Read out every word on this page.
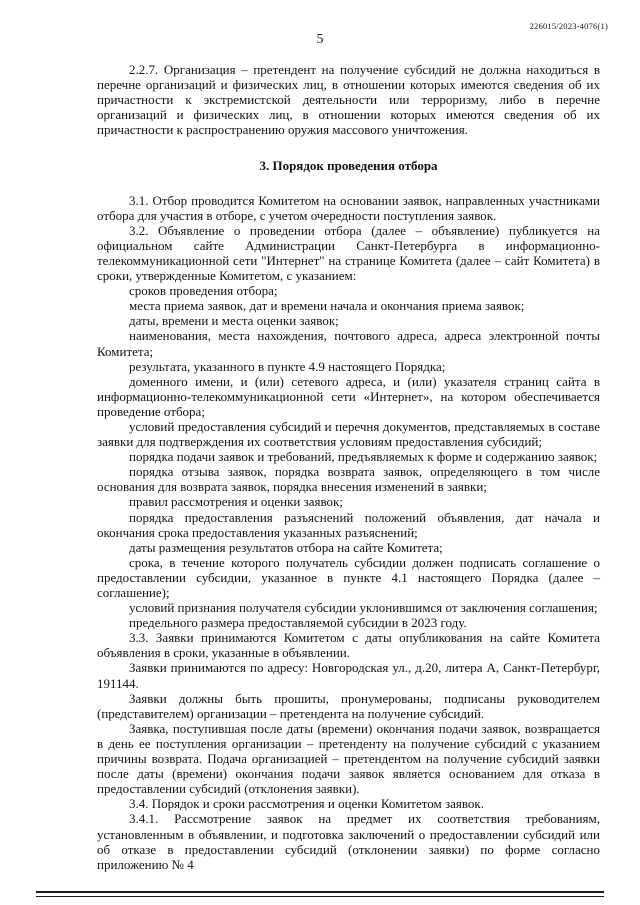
226015/2023-4076(1)
5

2.2.7. Организация – претендент на получение субсидий не должна находиться в перечне организаций и физических лиц, в отношении которых имеются сведения об их причастности к экстремистской деятельности или терроризму, либо в перечне организаций и физических лиц, в отношении которых имеются сведения об их причастности к распространению оружия массового уничтожения.

3. Порядок проведения отбора

3.1. Отбор проводится Комитетом на основании заявок, направленных участниками отбора для участия в отборе, с учетом очередности поступления заявок.

3.2. Объявление о проведении отбора (далее – объявление) публикуется на официальном сайте Администрации Санкт-Петербурга в информационно-телекоммуникационной сети "Интернет" на странице Комитета (далее – сайт Комитета) в сроки, утвержденные Комитетом, с указанием:

сроков проведения отбора;

места приема заявок, дат и времени начала и окончания приема заявок;

даты, времени и места оценки заявок;

наименования, места нахождения, почтового адреса, адреса электронной почты Комитета;

результата, указанного в пункте 4.9 настоящего Порядка;

доменного имени, и (или) сетевого адреса, и (или) указателя страниц сайта в информационно-телекоммуникационной сети «Интернет», на котором обеспечивается проведение отбора;

условий предоставления субсидий и перечня документов, представляемых в составе заявки для подтверждения их соответствия условиям предоставления субсидий;

порядка подачи заявок и требований, предъявляемых к форме и содержанию заявок;

порядка отзыва заявок, порядка возврата заявок, определяющего в том числе основания для возврата заявок, порядка внесения изменений в заявки;

правил рассмотрения и оценки заявок;

порядка предоставления разъяснений положений объявления, дат начала и окончания срока предоставления указанных разъяснений;

даты размещения результатов отбора на сайте Комитета;

срока, в течение которого получатель субсидии должен подписать соглашение о предоставлении субсидии, указанное в пункте 4.1 настоящего Порядка (далее – соглашение);

условий признания получателя субсидии уклонившимся от заключения соглашения;

предельного размера предоставляемой субсидии в 2023 году.

3.3. Заявки принимаются Комитетом с даты опубликования на сайте Комитета объявления в сроки, указанные в объявлении.

Заявки принимаются по адресу: Новгородская ул., д.20, литера А, Санкт-Петербург, 191144.

Заявки должны быть прошиты, пронумерованы, подписаны руководителем (представителем) организации – претендента на получение субсидий.

Заявка, поступившая после даты (времени) окончания подачи заявок, возвращается в день ее поступления организации – претенденту на получение субсидий с указанием причины возврата. Подача организацией – претендентом на получение субсидий заявки после даты (времени) окончания подачи заявок является основанием для отказа в предоставлении субсидий (отклонения заявки).

3.4. Порядок и сроки рассмотрения и оценки Комитетом заявок.

3.4.1. Рассмотрение заявок на предмет их соответствия требованиям, установленным в объявлении, и подготовка заключений о предоставлении субсидий или об отказе в предоставлении субсидий (отклонении заявки) по форме согласно приложению № 4
